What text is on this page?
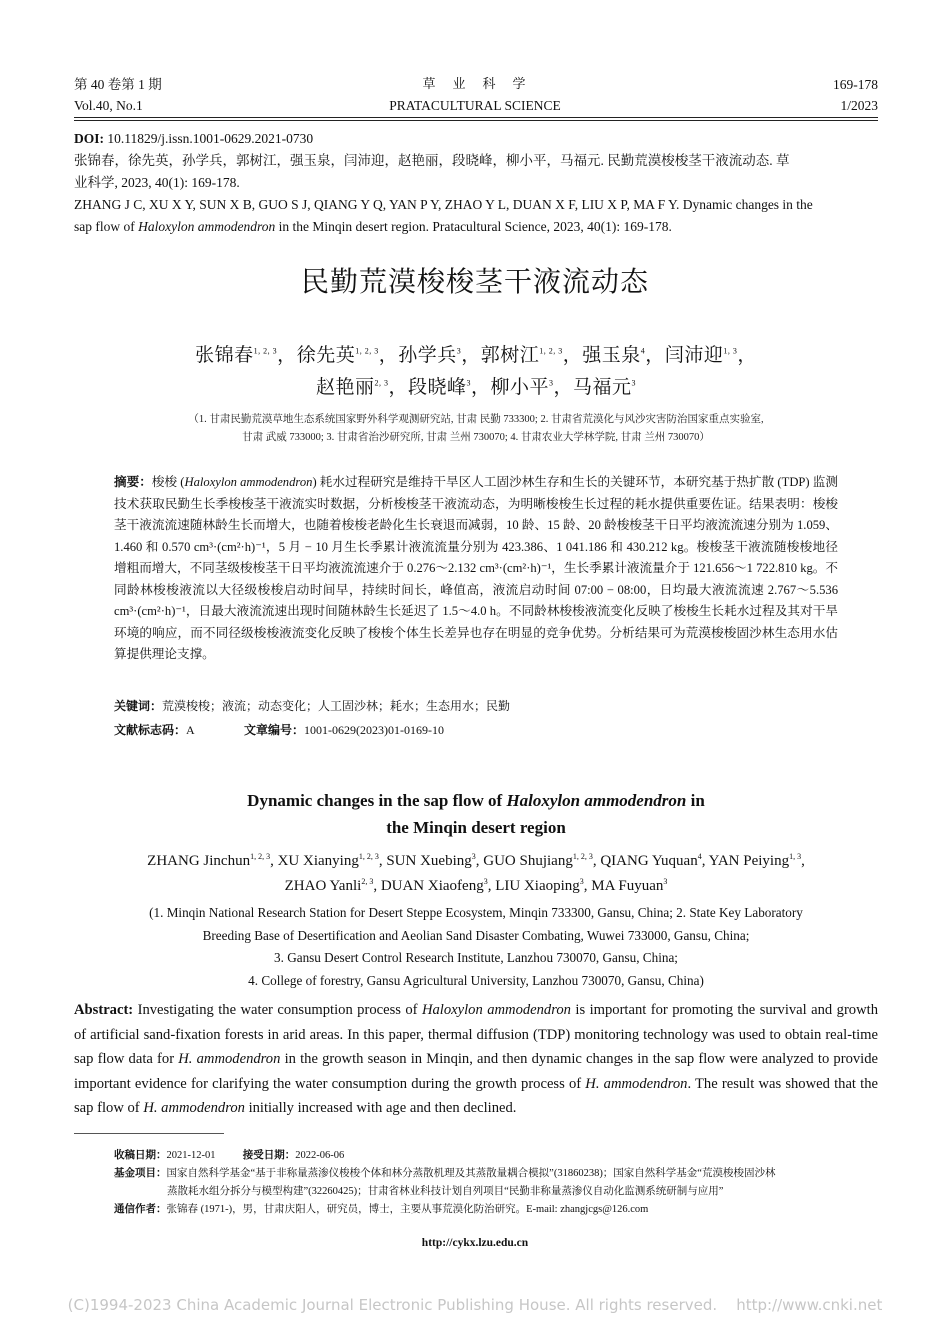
第 40 卷第 1 期
Vol.40, No.1
草　业　科　学
PRATACULTURAL SCIENCE
169-178
1/2023
DOI: 10.11829/j.issn.1001-0629.2021-0730
张锦春，徐先英，孙学兵，郭树江，强玉泉，闫沛迎，赵艳丽，段晓峰，柳小平，马福元. 民勤荒漠梭梭茎干液流动态. 草
业科学, 2023, 40(1): 169-178.
ZHANG J C, XU X Y, SUN X B, GUO S J, QIANG Y Q, YAN P Y, ZHAO Y L, DUAN X F, LIU X P, MA F Y. Dynamic changes in the
sap flow of Haloxylon ammodendron in the Minqin desert region. Pratacultural Science, 2023, 40(1): 169-178.
民勤荒漠梭梭茎干液流动态
张锦春$^{1, 2, 3}$，徐先英$^{1, 2, 3}$，孙学兵$^3$，郭树江$^{1, 2, 3}$，强玉泉$^4$，闫沛迎$^{1, 3}$，
赵艳丽$^{2, 3}$，段晓峰$^3$，柳小平$^3$，马福元$^3$
（1. 甘肃民勤荒漠草地生态系统国家野外科学观测研究站, 甘肃 民勤 733300; 2. 甘肃省荒漠化与风沙灾害防治国家重点实验室,
甘肃 武威 733000; 3. 甘肃省治沙研究所, 甘肃 兰州 730070; 4. 甘肃农业大学林学院, 甘肃 兰州 730070）
摘要：梭梭 (Haloxylon ammodendron) 耗水过程研究是维持干旱区人工固沙林生存和生长的关键环节，本研究基于热扩散 (TDP) 监测技术获取民勤生长季梭梭茎干液流实时数据，分析梭梭茎干液流动态，为明晰梭梭生长过程的耗水提供重要佐证。结果表明：梭梭茎干液流流速随林龄生长而增大，也随着梭梭老龄化生长衰退而减弱，10 龄、15 龄、20 龄梭梭茎干日平均液流流速分别为 1.059、1.460 和 0.570 cm³·(cm²·h)⁻¹，5 月 − 10 月生长季累计液流流量分别为 423.386、1 041.186 和 430.212 kg。梭梭茎干液流随梭梭地径增粗而增大，不同茎级梭梭茎干日平均液流流速介于 0.276～2.132 cm³·(cm²·h)⁻¹，生长季累计液流量介于 121.656～1 722.810 kg。不同龄林梭梭液流以大径级梭梭启动时间早，持续时间长，峰值高，液流启动时间 07:00 − 08:00，日均最大液流流速 2.767～5.536 cm³·(cm²·h)⁻¹，日最大液流流速出现时间随林龄生长延迟了 1.5～4.0 h。不同龄林梭梭液流变化反映了梭梭生长耗水过程及其对干旱环境的响应，而不同径级梭梭液流变化反映了梭梭个体生长差异也存在明显的竞争优势。分析结果可为荒漠梭梭固沙林生态用水估算提供理论支撑。
关键词：荒漠梭梭；液流；动态变化；人工固沙林；耗水；生态用水；民勤
文献标志码：A	文章编号：1001-0629(2023)01-0169-10
Dynamic changes in the sap flow of Haloxylon ammodendron in
the Minqin desert region
ZHANG Jinchun$^{1, 2, 3}$, XU Xianying$^{1, 2, 3}$, SUN Xuebing$^3$, GUO Shujiang$^{1, 2, 3}$, QIANG Yuquan$^4$, YAN Peiying$^{1, 3}$,
ZHAO Yanli$^{2, 3}$, DUAN Xiaofeng$^3$, LIU Xiaoping$^3$, MA Fuyuan$^3$
(1. Minqin National Research Station for Desert Steppe Ecosystem, Minqin 733300, Gansu, China; 2. State Key Laboratory
Breeding Base of Desertification and Aeolian Sand Disaster Combating, Wuwei 733000, Gansu, China;
3. Gansu Desert Control Research Institute, Lanzhou 730070, Gansu, China;
4. College of forestry, Gansu Agricultural University, Lanzhou 730070, Gansu, China)
Abstract: Investigating the water consumption process of Haloxylon ammodendron is important for promoting the survival and growth of artificial sand-fixation forests in arid areas. In this paper, thermal diffusion (TDP) monitoring technology was used to obtain real-time sap flow data for H. ammodendron in the growth season in Minqin, and then dynamic changes in the sap flow were analyzed to provide important evidence for clarifying the water consumption during the growth process of H. ammodendron. The result was showed that the sap flow of H. ammodendron initially increased with age and then declined.
收稿日期：2021-12-01	接受日期：2022-06-06
基金项目：国家自然科学基金“基于非称量蒸渗仪梭梭个体和林分蒸散机理及其蒸散量耦合模拟”(31860238)；国家自然科学基金“荒漠梭梭固沙林
蒸散耗水组分拆分与模型构建”(32260425)；甘肃省林业科技计划自列项目“民勤非称量蒸渗仪自动化监测系统研制与应用”
通信作者：张锦春 (1971-)，男，甘肃庆阳人，研究员，博士，主要从事荒漠化防治研究。E-mail: zhangjcgs@126.com
http://cykx.lzu.edu.cn
(C)1994-2023 China Academic Journal Electronic Publishing House. All rights reserved.    http://www.cnki.net
